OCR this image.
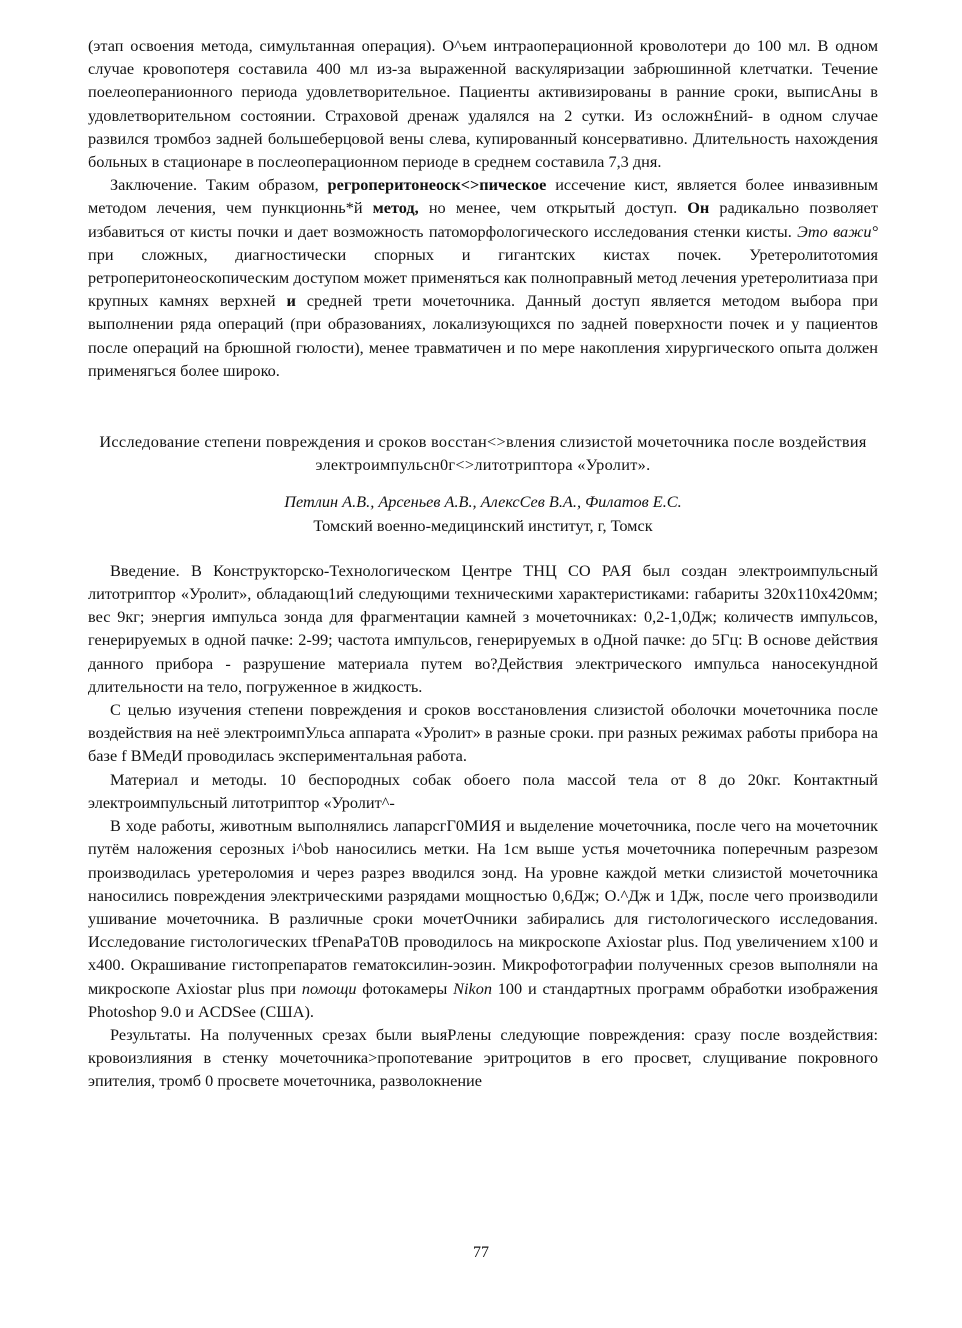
(этап освоения метода, симультанная операция). О^ьем интраоперационной кроволотери до 100 мл. В одном случае кровопотеря составила 400 мл из-за выраженной васкуляризации забрюшинной клетчатки. Течение поелеоперанионного периода удовлетворительное. Пациенты активизированы в ранние сроки, выписАны в удовлетворительном состоянии. Страховой дренаж удалялся на 2 сутки. Из осложн£ний- в одном случае развился тромбоз задней большеберцовой вены слева, купированный консервативно. Длительность нахождения больных в стационаре в послеоперационном периоде в среднем составила 7,3 дня.

Заключение. Таким образом, регроперитонеоск<>пическое иссечение кист, является более инвазивным методом лечения, чем пункционнь*й метод, но менее, чем открытый доступ. Он радикально позволяет избавиться от кисты почки и дает возможность патоморфологического исследования стенки кисты. Это важи° при сложных, диагностически спорных и гигантских кистах почек. Уретеролитотомия ретроперитонеоскопическим доступом может применяться как полноправный метод лечения уретеролитиаза при крупных камнях верхней и средней трети мочеточника. Данный доступ является методом выбора при выполнении ряда операций (при образованиях, локализующихся по задней поверхности почек и у пациентов после операций на брюшной гюлости), менее травматичен и по мере накопления хирургического опыта должен применягься более широко.

Исследование степени повреждения и сроков восстан<>вления слизистой мочеточника после воздействия электроимпульсн0г<>литотриптора «Уролит».

Петлин А.В., Арсеньев А.В., АлексСев В.А., Филатов Е.С.

Томский военно-медицинский институт, г, Томск

Введение. В Конструкторско-Технологическом Центре ТНЦ СО РАЯ был создан электроимпульсный литотриптор «Уролит», обладающ1ий следующими техническими характеристиками: габариты 320x110x420мм; вес 9кг; энергия импульса зонда для фрагментации камней з мочеточниках: 0,2-1,0Дж; количеств импульсов, генерируемых в одной пачке: 2-99; частота импульсов, генерируемых в оДной пачке: до 5Гц: В основе действия данного прибора - разрушение материала путем во?Действия электрического импульса наносекундной длительности на тело, погруженное в жидкость.

С целью изучения степени повреждения и сроков восстановления слизистой оболочки мочеточника после воздействия на неё электроимпУльса аппарата «Уролит» в разные сроки. при разных режимах работы прибора на базе f ВМедИ проводилась экспериментальная работа.

Материал и методы. 10 беспородных собак обоего пола массой тела от 8 до 20кг. Контактный электроимпульсный литотриптор «Уролит^-

В ходе работы, животным выполнялись лапарсгГ0МИЯ и выделение мочеточника, после чего на мочеточник путём наложения серозных i^bob наносились метки. На 1см выше устья мочеточника поперечным разрезом производилась уретероломия и через разрез вводился зонд. На уровне каждой метки слизистой мочеточника наносились повреждения электрическими разрядами мощностью 0,6Дж; О.^Дж и 1Дж, после чего производили ушивание мочеточника. В различные сроки мочетОчники забирались для гистологического исследования. Исследование гистологических tfPenaPaT0B проводилось на микроскопе Axiostar plus. Под увеличением x100 и x400. Окрашивание гистопрепаратов гематоксилин-эозин. Микрофотографии полученных срезов выполняли на микроскопе Axiostar plus при помощи фотокамеры Nikon 100 и стандартных программ обработки изображения Photoshop 9.0 и ACDSee (США).

Результаты. На полученных срезах были выяРлены следующие повреждения: сразу после воздействия: кровоизлияния в стенку мочеточника>пропотевание эритроцитов в его просвет, слущивание покровного эпителия, тромб 0 просвете мочеточника, разволокнение

77
